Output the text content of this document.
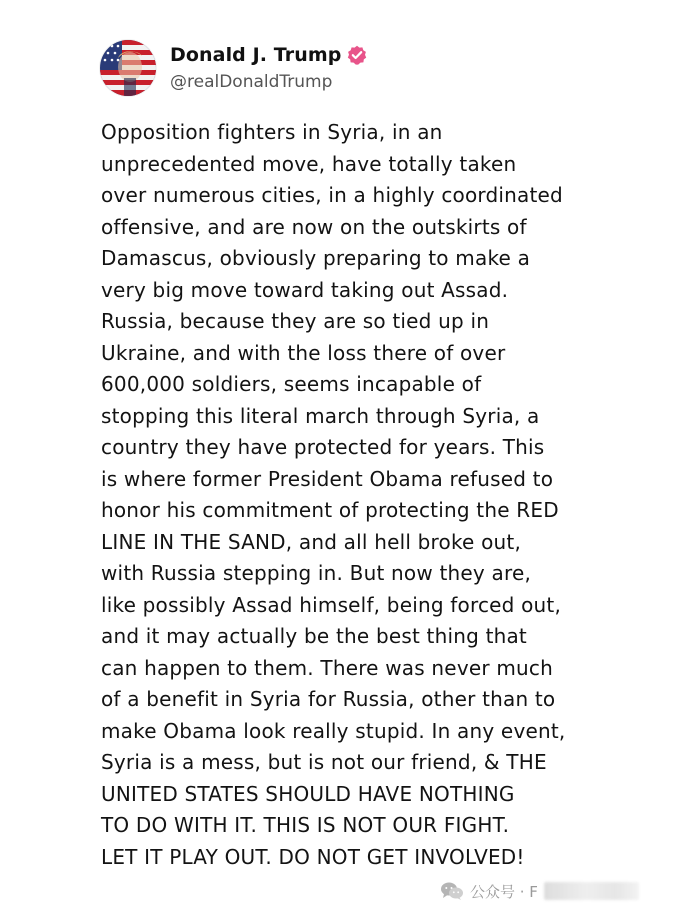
Donald J. Trump
@realDonaldTrump
Opposition fighters in Syria, in an
unprecedented move, have totally taken
over numerous cities, in a highly coordinated
offensive, and are now on the outskirts of
Damascus, obviously preparing to make a
very big move toward taking out Assad.
Russia, because they are so tied up in
Ukraine, and with the loss there of over
600,000 soldiers, seems incapable of
stopping this literal march through Syria, a
country they have protected for years. This
is where former President Obama refused to
honor his commitment of protecting the RED
LINE IN THE SAND, and all hell broke out,
with Russia stepping in. But now they are,
like possibly Assad himself, being forced out,
and it may actually be the best thing that
can happen to them. There was never much
of a benefit in Syria for Russia, other than to
make Obama look really stupid. In any event,
Syria is a mess, but is not our friend, & THE
UNITED STATES SHOULD HAVE NOTHING
TO DO WITH IT. THIS IS NOT OUR FIGHT.
LET IT PLAY OUT. DO NOT GET INVOLVED!
公众号 · F
